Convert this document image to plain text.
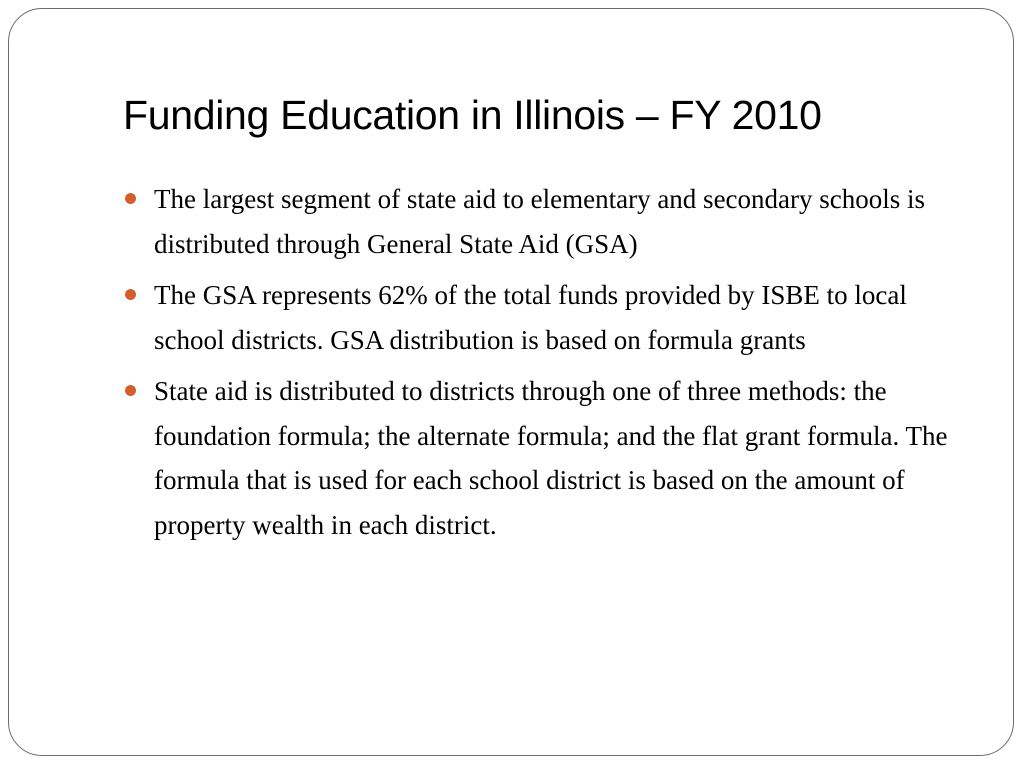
Funding Education in Illinois – FY 2010
The largest segment of state aid to elementary and secondary schools is distributed through General State Aid (GSA)
The GSA represents 62% of the total funds provided by ISBE to local school districts. GSA distribution is based on formula grants
State aid is distributed to districts through one of three methods: the foundation formula; the alternate formula; and the flat grant formula. The formula that is used for each school district is based on the amount of property wealth in each district.
